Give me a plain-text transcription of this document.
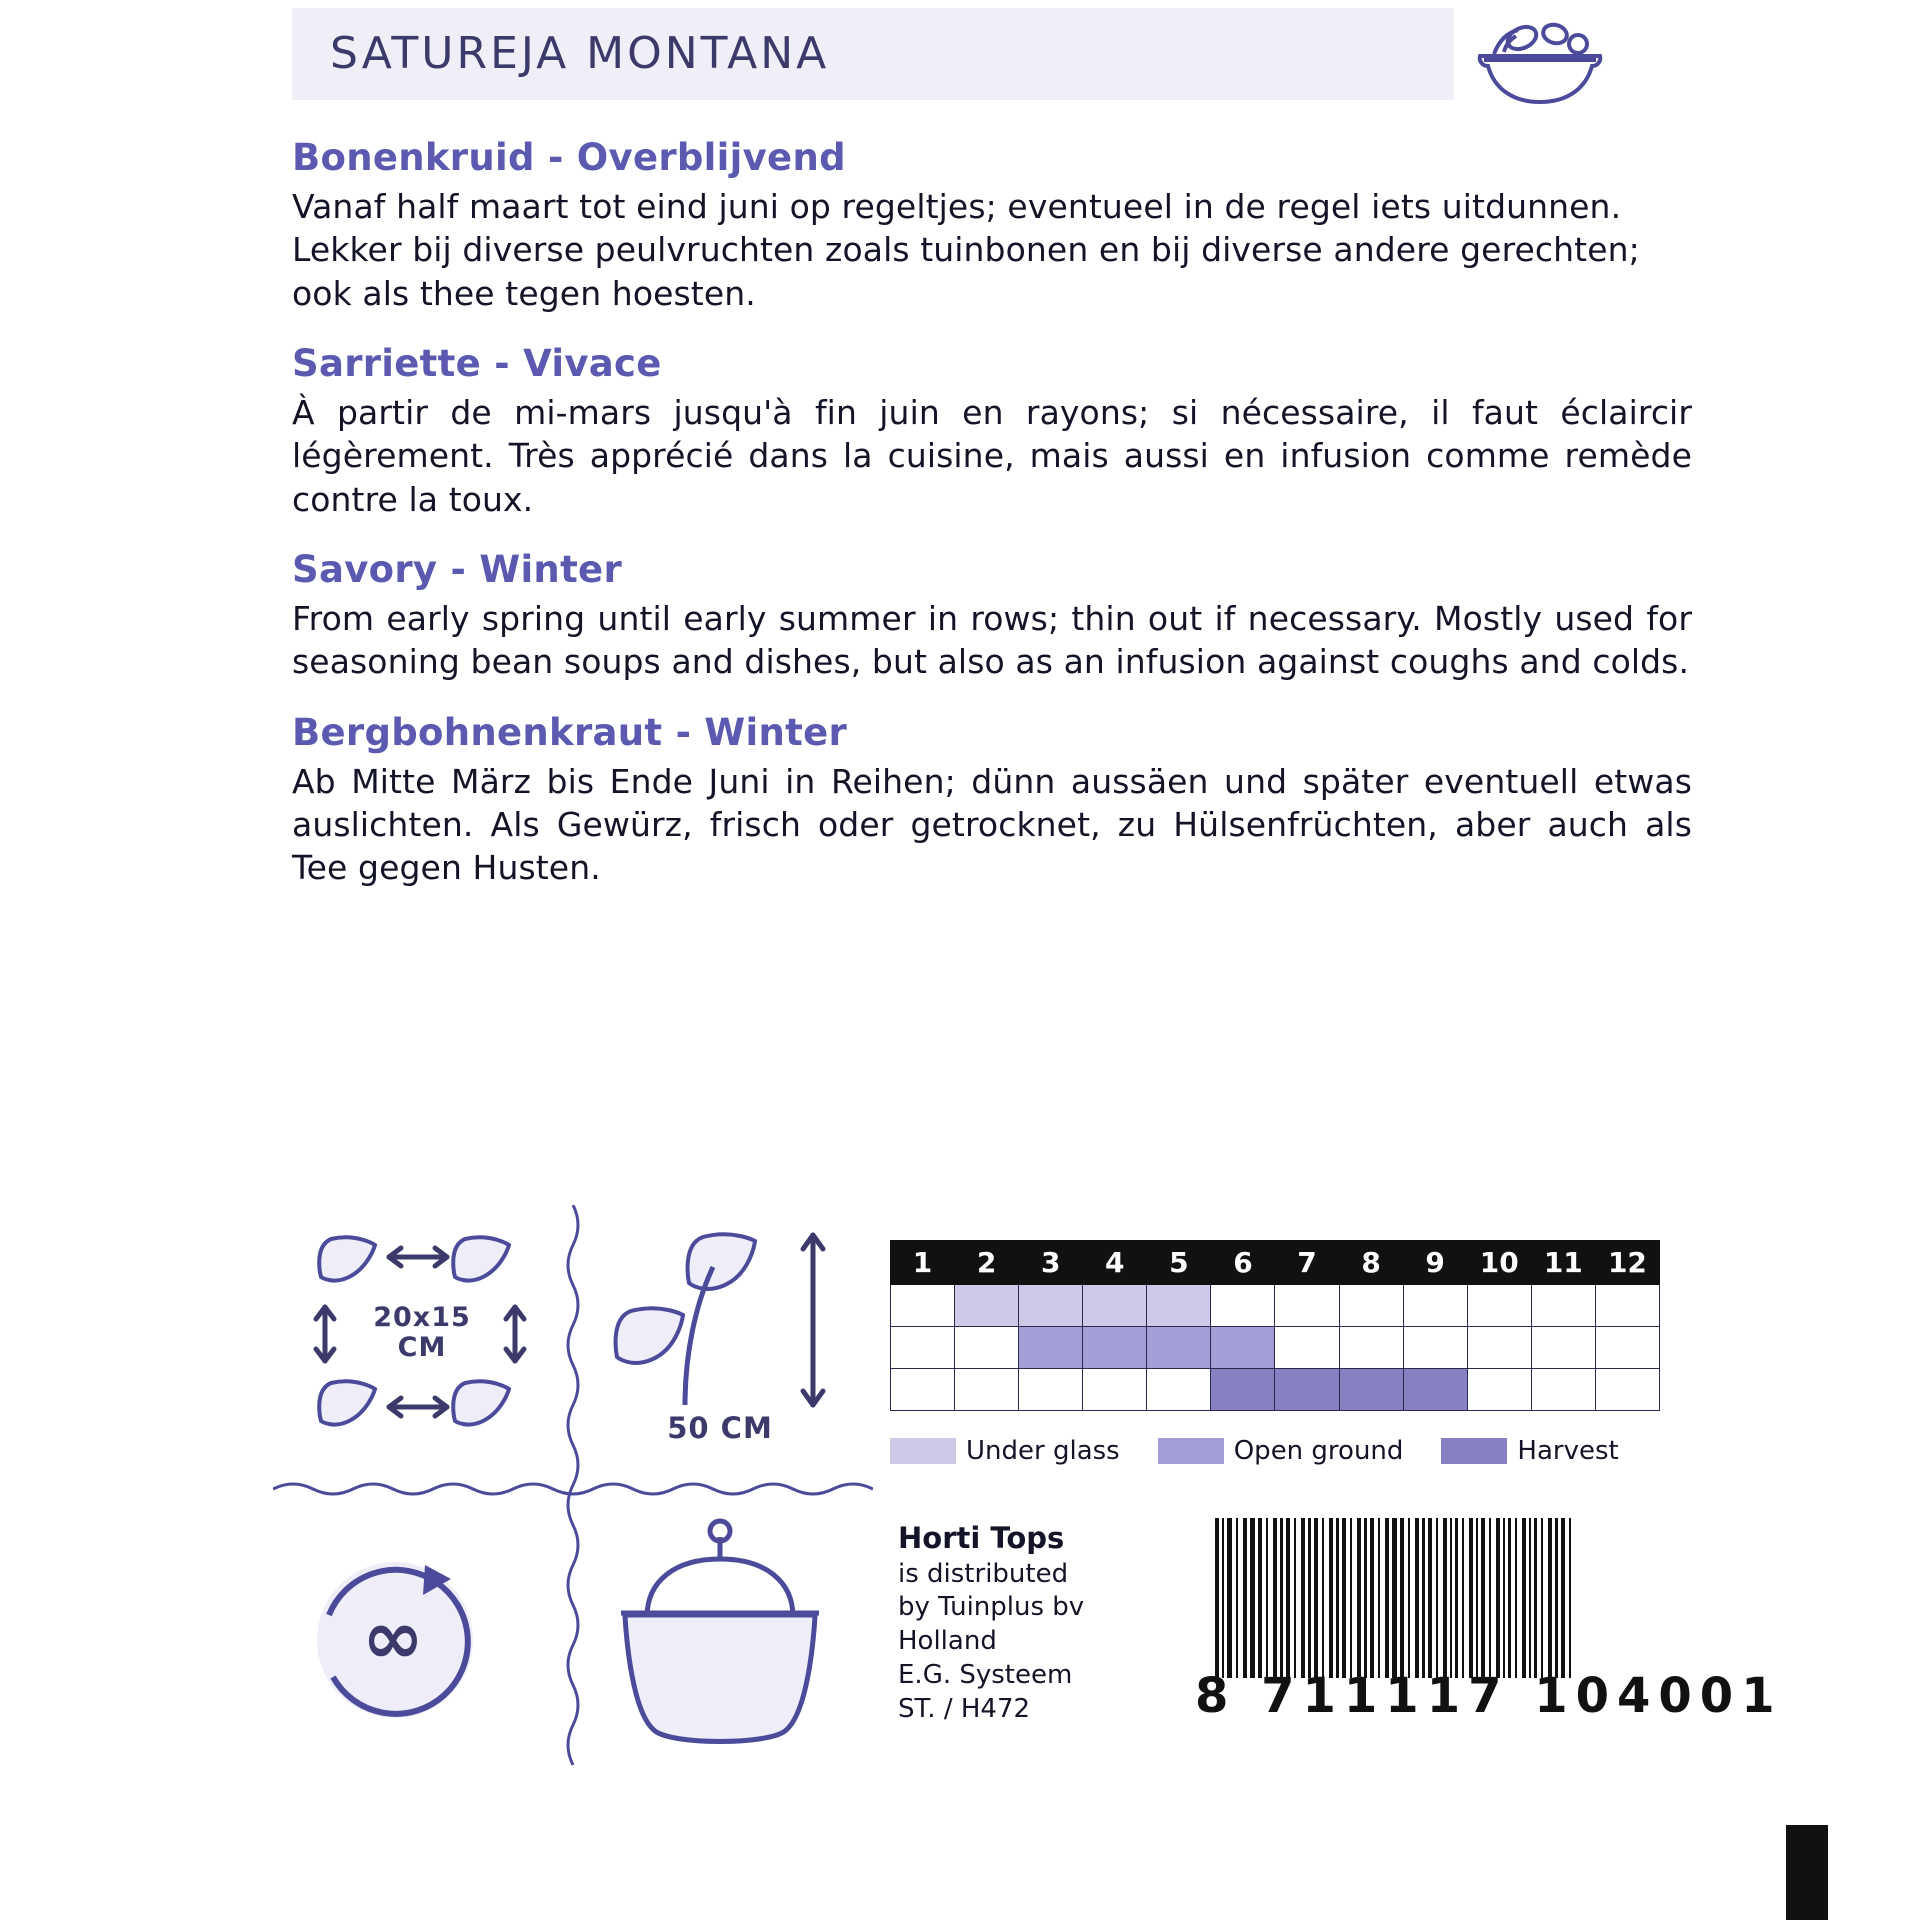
SATUREJA MONTANA

Bonenkruid - Overblijvend

Vanaf half maart tot eind juni op regeltjes; eventueel in de regel iets uitdunnen. Lekker bij diverse peulvruchten zoals tuinbonen en bij diverse andere gerechten; ook als thee tegen hoesten.

Sarriette - Vivace

À partir de mi-mars jusqu'à fin juin en rayons; si nécessaire, il faut éclaircir légèrement. Très apprécié dans la cuisine, mais aussi en infusion comme remède contre la toux.

Savory - Winter

From early spring until early summer in rows; thin out if necessary. Mostly used for seasoning bean soups and dishes, but also as an infusion against coughs and colds.

Bergbohnenkraut - Winter

Ab Mitte März bis Ende Juni in Reihen; dünn aussäen und später eventuell etwas auslichten. Als Gewürz, frisch oder getrocknet, zu Hülsenfrüchten, aber auch als Tee gegen Husten.

20x15 CM
50 CM
∞
1	2	3	4	5	6	7	8	9	10	11	12

Under glass	Open ground	Harvest
Horti Tops
is distributed
by Tuinplus bv
Holland
E.G. Systeem
ST. / H472	8 711117 104001
